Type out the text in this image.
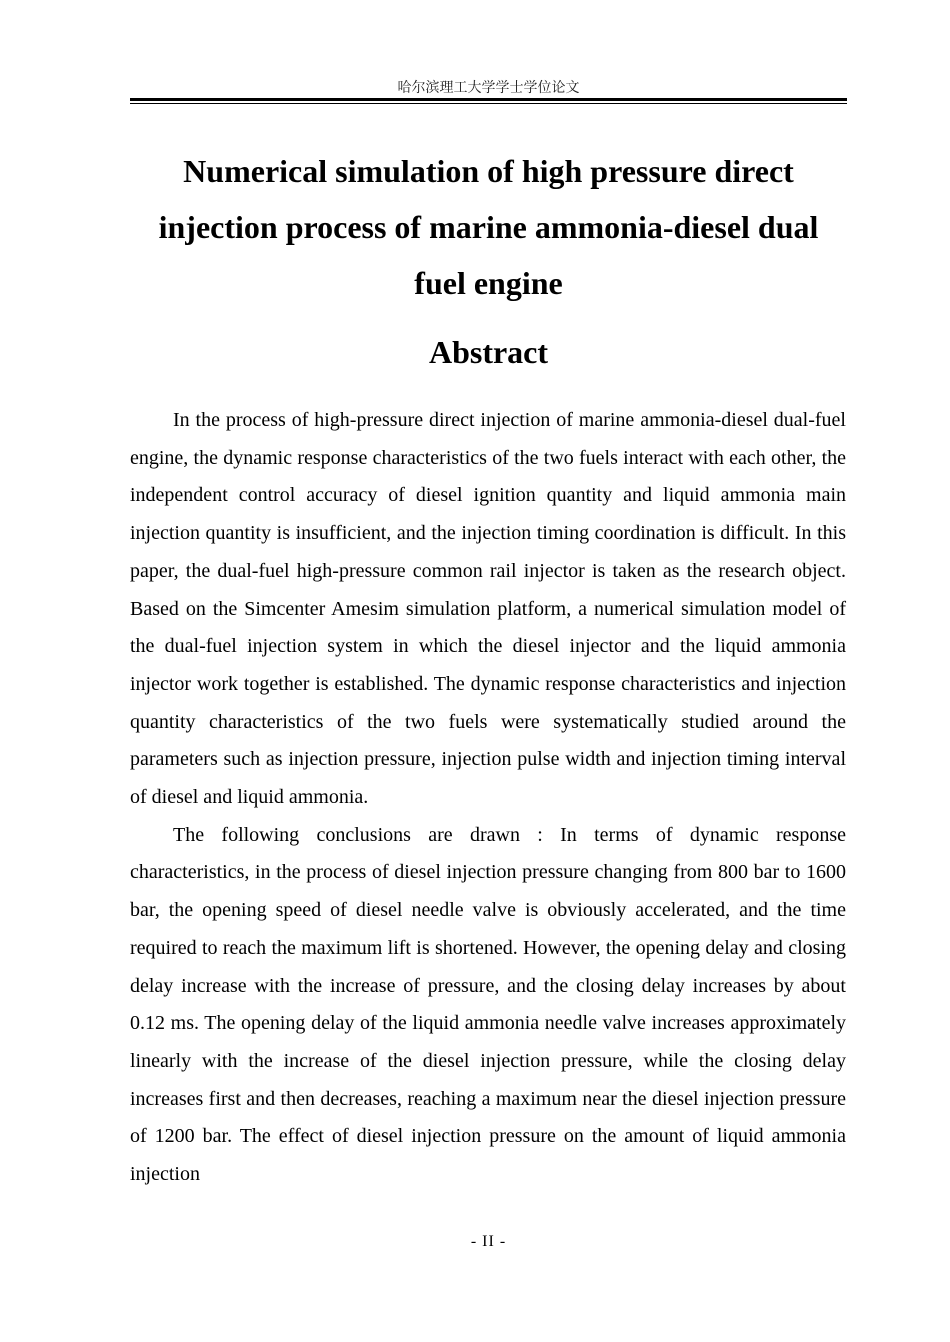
哈尔滨理工大学学士学位论文
Numerical simulation of high pressure direct injection process of marine ammonia-diesel dual fuel engine
Abstract

In the process of high-pressure direct injection of marine ammonia-diesel dual-fuel engine, the dynamic response characteristics of the two fuels interact with each other, the independent control accuracy of diesel ignition quantity and liquid ammonia main injection quantity is insufficient, and the injection timing coordination is difficult. In this paper, the dual-fuel high-pressure common rail injector is taken as the research object. Based on the Simcenter Amesim simulation platform, a numerical simulation model of the dual-fuel injection system in which the diesel injector and the liquid ammonia injector work together is established. The dynamic response characteristics and injection quantity characteristics of the two fuels were systematically studied around the parameters such as injection pressure, injection pulse width and injection timing interval of diesel and liquid ammonia.

The following conclusions are drawn : In terms of dynamic response characteristics, in the process of diesel injection pressure changing from 800 bar to 1600 bar, the opening speed of diesel needle valve is obviously accelerated, and the time required to reach the maximum lift is shortened. However, the opening delay and closing delay increase with the increase of pressure, and the closing delay increases by about 0.12 ms. The opening delay of the liquid ammonia needle valve increases approximately linearly with the increase of the diesel injection pressure, while the closing delay increases first and then decreases, reaching a maximum near the diesel injection pressure of 1200 bar. The effect of diesel injection pressure on the amount of liquid ammonia injection

- II -
